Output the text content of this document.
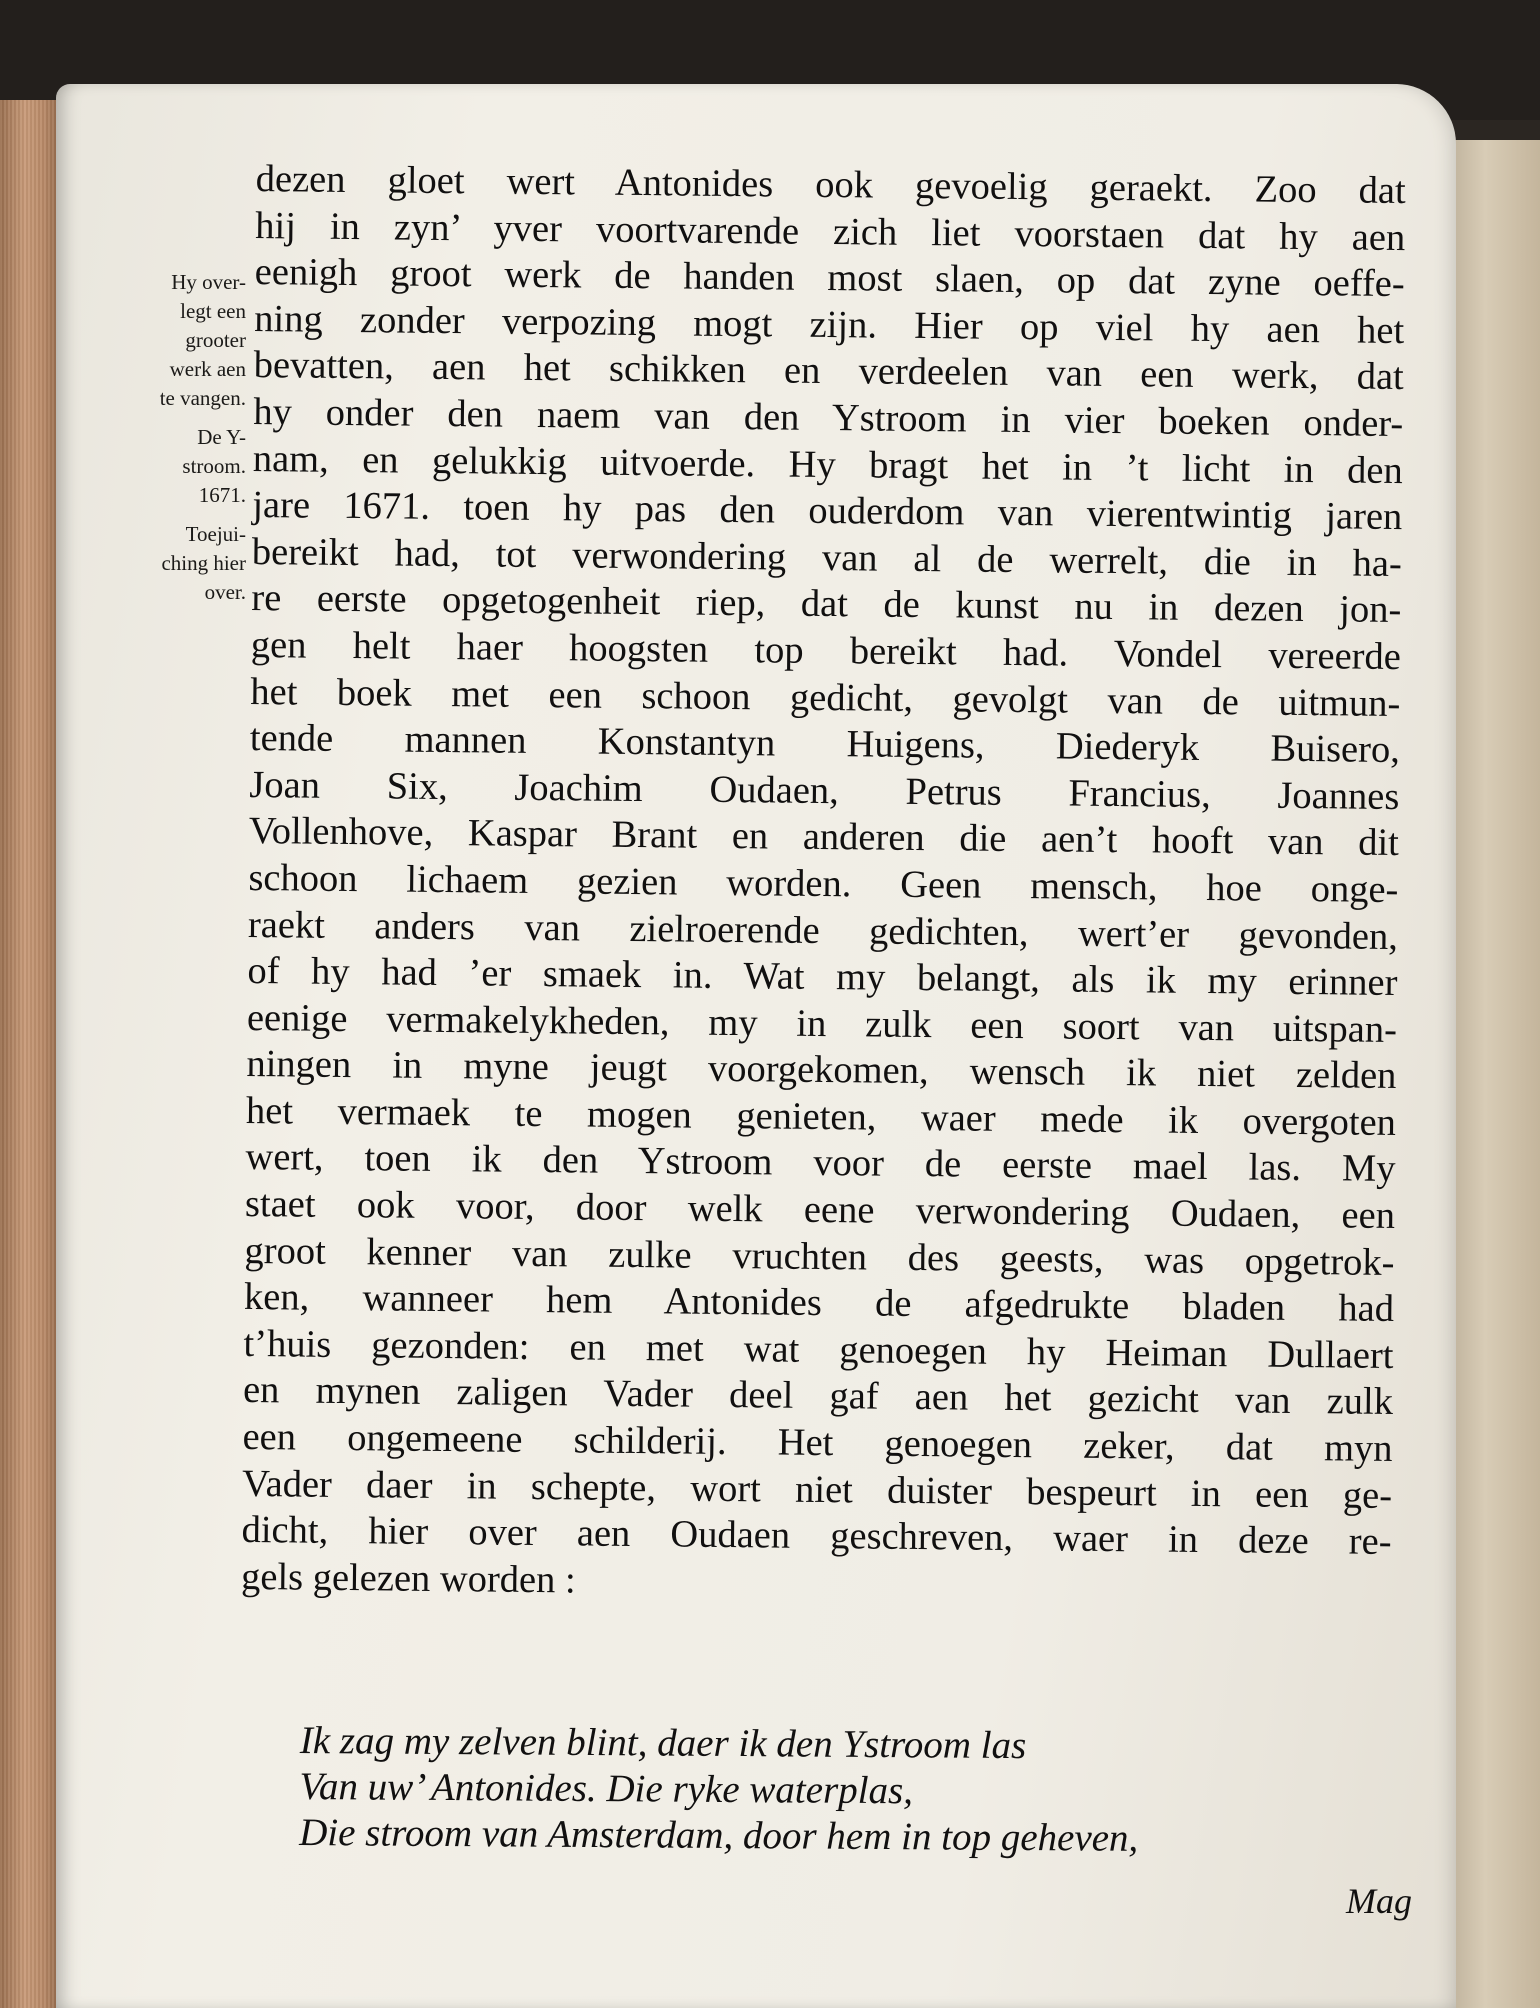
Hy over-
legt een
grooter
werk aen
te vangen.
De Y-
stroom.
1671.
Toejui-
ching hier
over.
dezen gloet wert Antonides ook gevoelig geraekt. Zoo dat
hij in zyn’ yver voortvarende zich liet voorstaen dat hy aen
eenigh groot werk de handen most slaen, op dat zyne oeffe-
ning zonder verpozing mogt zijn. Hier op viel hy aen het
bevatten, aen het schikken en verdeelen van een werk, dat
hy onder den naem van den Ystroom in vier boeken onder-
nam, en gelukkig uitvoerde. Hy bragt het in ’t licht in den
jare 1671. toen hy pas den ouderdom van vierentwintig jaren
bereikt had, tot verwondering van al de werrelt, die in ha-
re eerste opgetogenheit riep, dat de kunst nu in dezen jon-
gen helt haer hoogsten top bereikt had. Vondel vereerde
het boek met een schoon gedicht, gevolgt van de uitmun-
tende mannen Konstantyn Huigens, Diederyk Buisero,
Joan Six, Joachim Oudaen, Petrus Francius, Joannes
Vollenhove, Kaspar Brant en anderen die aen’t hooft van dit
schoon lichaem gezien worden. Geen mensch, hoe onge-
raekt anders van zielroerende gedichten, wert’er gevonden,
of hy had ’er smaek in. Wat my belangt, als ik my erinner
eenige vermakelykheden, my in zulk een soort van uitspan-
ningen in myne jeugt voorgekomen, wensch ik niet zelden
het vermaek te mogen genieten, waer mede ik overgoten
wert, toen ik den Ystroom voor de eerste mael las. My
staet ook voor, door welk eene verwondering Oudaen, een
groot kenner van zulke vruchten des geests, was opgetrok-
ken, wanneer hem Antonides de afgedrukte bladen had
t’huis gezonden: en met wat genoegen hy Heiman Dullaert
en mynen zaligen Vader deel gaf aen het gezicht van zulk
een ongemeene schilderij. Het genoegen zeker, dat myn
Vader daer in schepte, wort niet duister bespeurt in een ge-
dicht, hier over aen Oudaen geschreven, waer in deze re-
gels gelezen worden :
Ik zag my zelven blint, daer ik den Ystroom las
Van uw’ Antonides. Die ryke waterplas,
Die stroom van Amsterdam, door hem in top geheven,
Mag
